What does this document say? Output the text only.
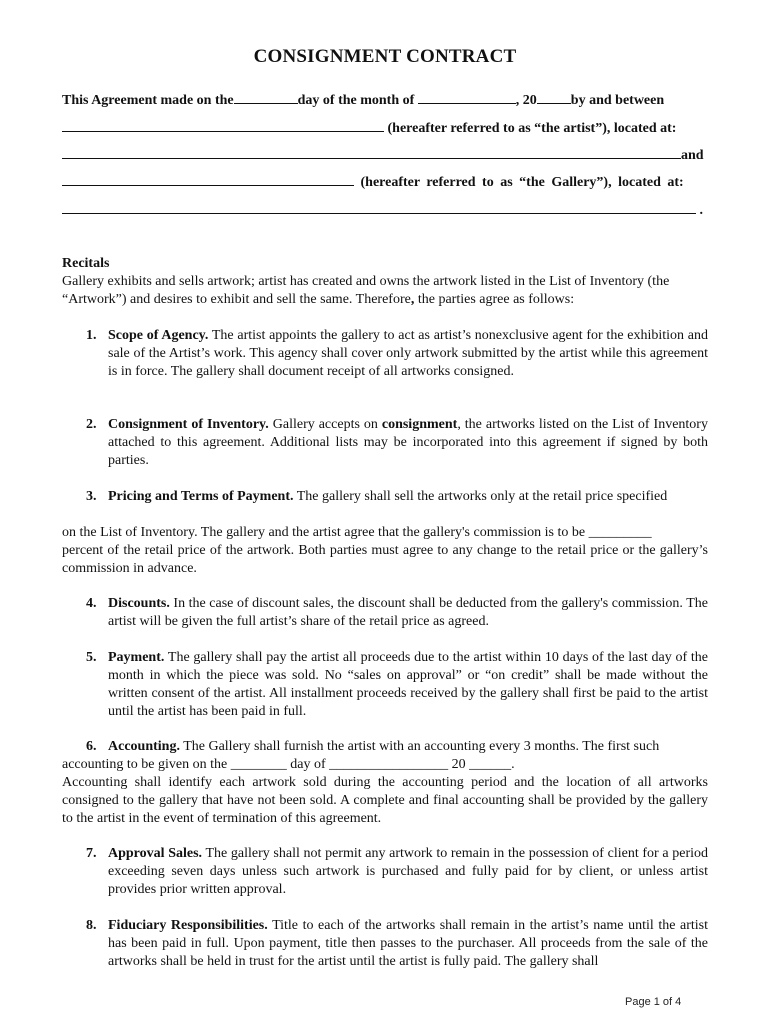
CONSIGNMENT CONTRACT
This Agreement made on the	day of the month of	, 20 by and between
(hereafter referred to as “the artist”), located at:
and
(hereafter referred to as “the Gallery”), located at:
.
Recitals
Gallery exhibits and sells artwork; artist has created and owns the artwork listed in the List of Inventory (the “Artwork”) and desires to exhibit and sell the same. Therefore, the parties agree as follows:
1. Scope of Agency. The artist appoints the gallery to act as artist’s nonexclusive agent for the exhibition and sale of the Artist’s work. This agency shall cover only artwork submitted by the artist while this agreement is in force. The gallery shall document receipt of all artworks consigned.
2. Consignment of Inventory. Gallery accepts on consignment, the artworks listed on the List of Inventory attached to this agreement. Additional lists may be incorporated into this agreement if signed by both parties.
3. Pricing and Terms of Payment. The gallery shall sell the artworks only at the retail price specified
on the List of Inventory. The gallery and the artist agree that the gallery's commission is to be _________
percent of the retail price of the artwork. Both parties must agree to any change to the retail price or the gallery’s commission in advance.
4. Discounts. In the case of discount sales, the discount shall be deducted from the gallery's commission. The artist will be given the full artist’s share of the retail price as agreed.
5. Payment. The gallery shall pay the artist all proceeds due to the artist within 10 days of the last day of the month in which the piece was sold. No “sales on approval” or “on credit” shall be made without the written consent of the artist. All installment proceeds received by the gallery shall first be paid to the artist until the artist has been paid in full.
6. Accounting. The Gallery shall furnish the artist with an accounting every 3 months. The first such
accounting to be given on the ________ day of _________________ 20 ______.
Accounting shall identify each artwork sold during the accounting period and the location of all artworks consigned to the gallery that have not been sold. A complete and final accounting shall be provided by the gallery to the artist in the event of termination of this agreement.
7. Approval Sales. The gallery shall not permit any artwork to remain in the possession of client for a period exceeding seven days unless such artwork is purchased and fully paid for by client, or unless artist provides prior written approval.
8. Fiduciary Responsibilities. Title to each of the artworks shall remain in the artist’s name until the artist has been paid in full. Upon payment, title then passes to the purchaser. All proceeds from the sale of the artworks shall be held in trust for the artist until the artist is fully paid. The gallery shall
Page 1 of 4
